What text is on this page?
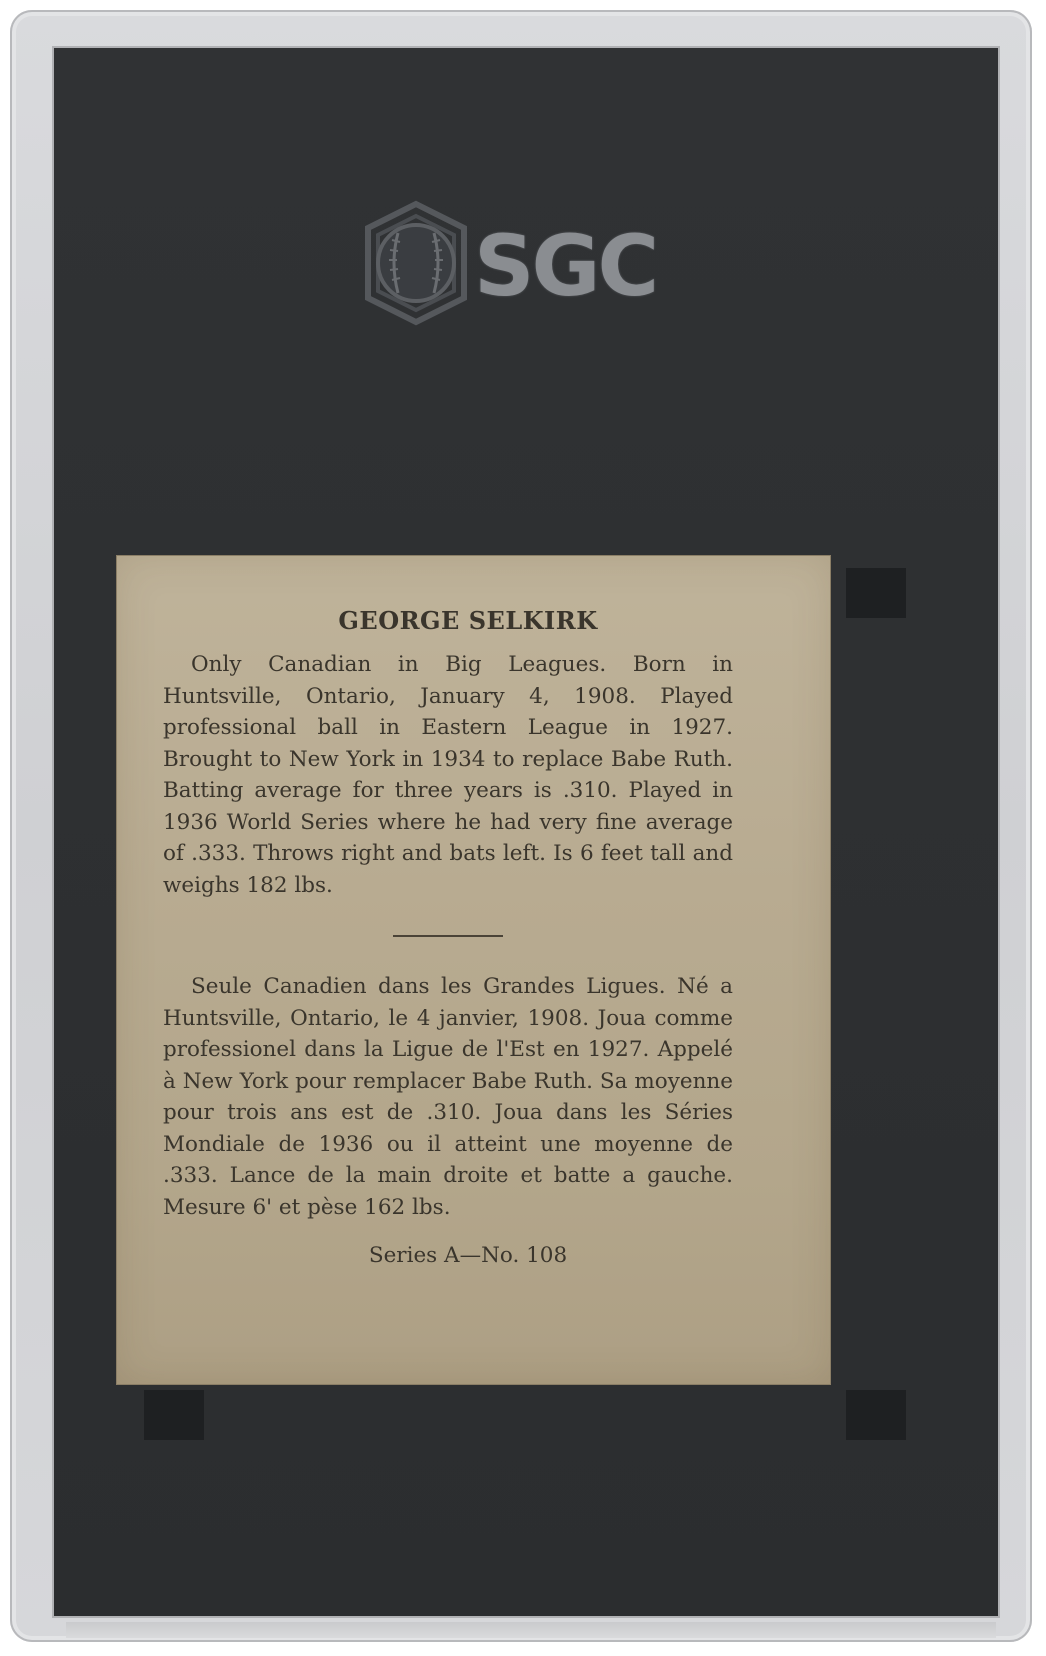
SGC
GEORGE SELKIRK

Only Canadian in Big Leagues. Born in Huntsville, Ontario, January 4, 1908. Played professional ball in Eastern League in 1927. Brought to New York in 1934 to replace Babe Ruth. Batting average for three years is .310. Played in 1936 World Series where he had very fine average of .333. Throws right and bats left. Is 6 feet tall and weighs 182 lbs.

Seule Canadien dans les Grandes Ligues. Né a Huntsville, Ontario, le 4 janvier, 1908. Joua comme professionel dans la Ligue de l'Est en 1927. Appelé à New York pour remplacer Babe Ruth. Sa moyenne pour trois ans est de .310. Joua dans les Séries Mondiale de 1936 ou il atteint une moyenne de .333. Lance de la main droite et batte a gauche. Mesure 6' et pèse 162 lbs.

Series A—No. 108
